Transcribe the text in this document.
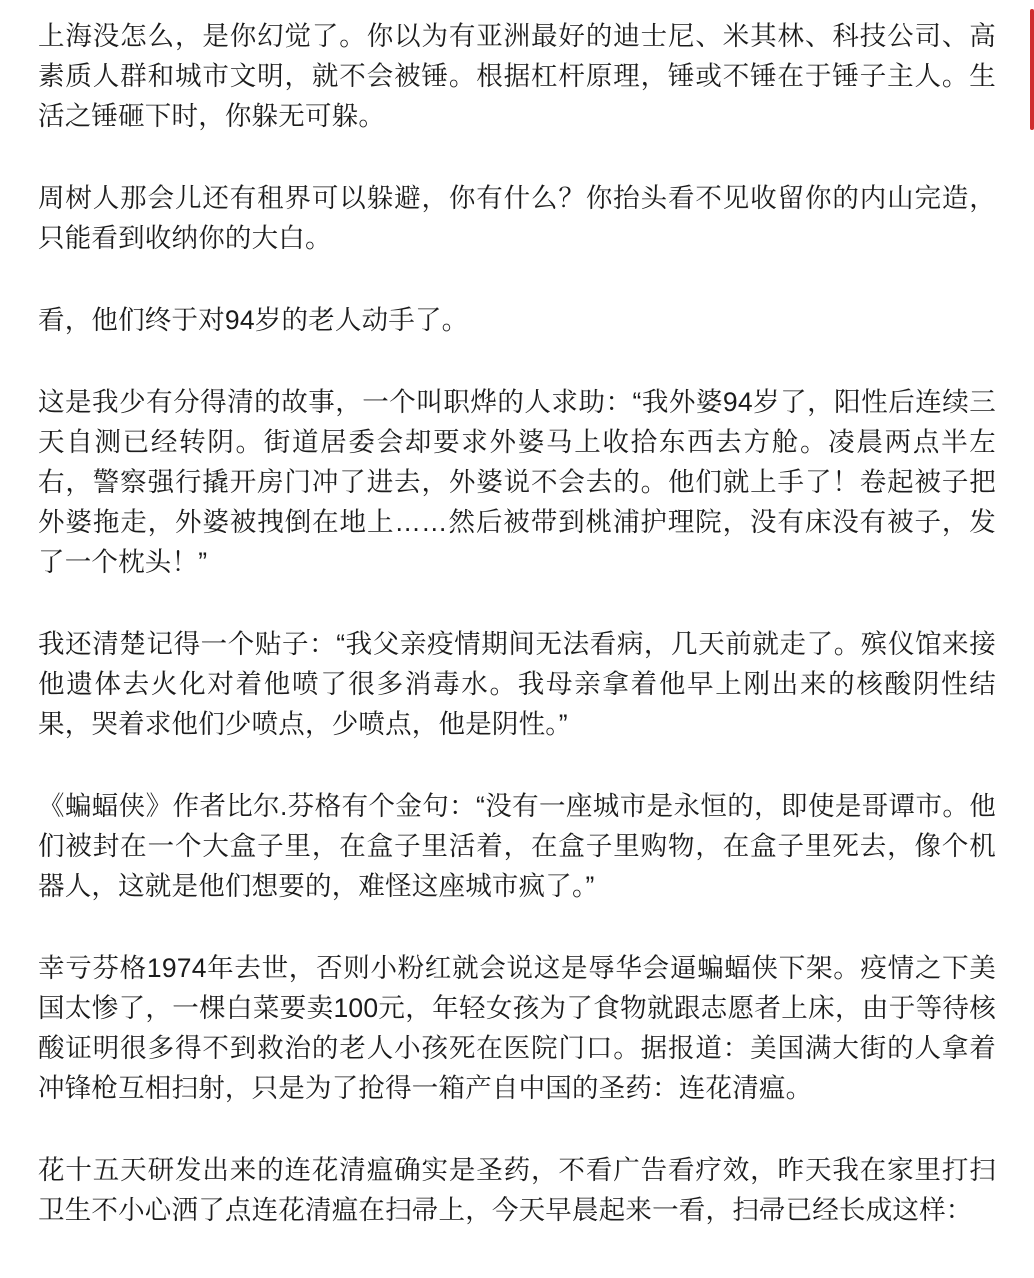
上海没怎么，是你幻觉了。你以为有亚洲最好的迪士尼、米其林、科技公司、高素质人群和城市文明，就不会被锤。根据杠杆原理，锤或不锤在于锤子主人。生活之锤砸下时，你躲无可躲。

周树人那会儿还有租界可以躲避，你有什么？你抬头看不见收留你的内山完造，只能看到收纳你的大白。

看，他们终于对94岁的老人动手了。

这是我少有分得清的故事，一个叫职烨的人求助：“我外婆94岁了，阳性后连续三天自测已经转阴。街道居委会却要求外婆马上收拾东西去方舱。凌晨两点半左右，警察强行撬开房门冲了进去，外婆说不会去的。他们就上手了！卷起被子把外婆拖走，外婆被拽倒在地上……然后被带到桃浦护理院，没有床没有被子，发了一个枕头！”

我还清楚记得一个贴子：“我父亲疫情期间无法看病，几天前就走了。殡仪馆来接他遗体去火化对着他喷了很多消毒水。我母亲拿着他早上刚出来的核酸阴性结果，哭着求他们少喷点，少喷点，他是阴性。”

《蝙蝠侠》作者比尔.芬格有个金句：“没有一座城市是永恒的，即使是哥谭市。他们被封在一个大盒子里，在盒子里活着，在盒子里购物，在盒子里死去，像个机器人，这就是他们想要的，难怪这座城市疯了。”

幸亏芬格1974年去世，否则小粉红就会说这是辱华会逼蝙蝠侠下架。疫情之下美国太惨了，一棵白菜要卖100元，年轻女孩为了食物就跟志愿者上床，由于等待核酸证明很多得不到救治的老人小孩死在医院门口。据报道：美国满大街的人拿着冲锋枪互相扫射，只是为了抢得一箱产自中国的圣药：连花清瘟。

花十五天研发出来的连花清瘟确实是圣药，不看广告看疗效，昨天我在家里打扫卫生不小心洒了点连花清瘟在扫帚上，今天早晨起来一看，扫帚已经长成这样：
